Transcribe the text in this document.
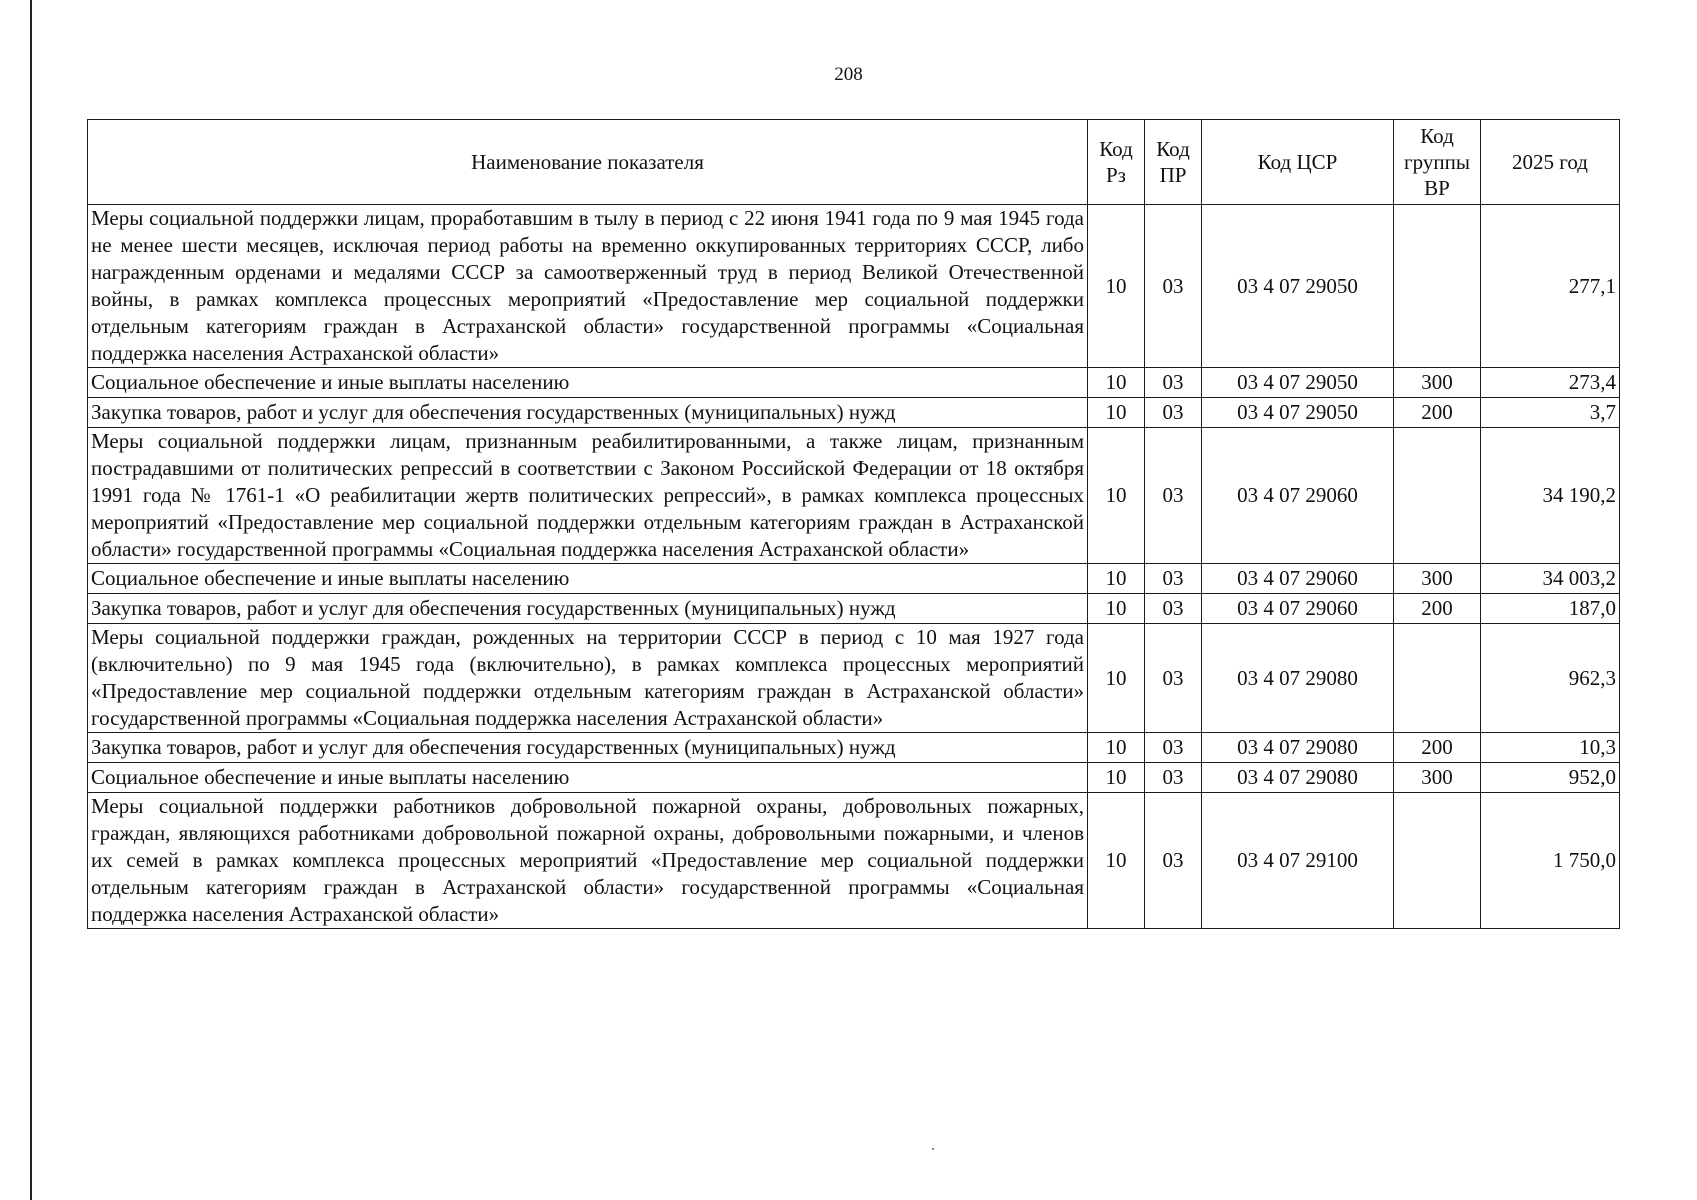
208
Наименование показателя	Код Рз	Код ПР	Код ЦСР	Код группы ВР	2025 год
Меры социальной поддержки лицам, проработавшим в тылу в период с 22 июня 1941 года по 9 мая 1945 года не менее шести месяцев, исключая период работы на временно оккупированных территориях СССР, либо награжденным орденами и медалями СССР за самоотверженный труд в период Великой Отечественной войны, в рамках комплекса процессных мероприятий «Предоставление мер социальной поддержки отдельным категориям граждан в Астраханской области» государственной программы «Социальная поддержка населения Астраханской области»	10	03	03 4 07 29050		277,1
Социальное обеспечение и иные выплаты населению	10	03	03 4 07 29050	300	273,4
Закупка товаров, работ и услуг для обеспечения государственных (муниципальных) нужд	10	03	03 4 07 29050	200	3,7
Меры социальной поддержки лицам, признанным реабилитированными, а также лицам, признанным пострадавшими от политических репрессий в соответствии с Законом Российской Федерации от 18 октября 1991 года № 1761-1 «О реабилитации жертв политических репрессий», в рамках комплекса процессных мероприятий «Предоставление мер социальной поддержки отдельным категориям граждан в Астраханской области» государственной программы «Социальная поддержка населения Астраханской области»	10	03	03 4 07 29060		34 190,2
Социальное обеспечение и иные выплаты населению	10	03	03 4 07 29060	300	34 003,2
Закупка товаров, работ и услуг для обеспечения государственных (муниципальных) нужд	10	03	03 4 07 29060	200	187,0
Меры социальной поддержки граждан, рожденных на территории СССР в период с 10 мая 1927 года (включительно) по 9 мая 1945 года (включительно), в рамках комплекса процессных мероприятий «Предоставление мер социальной поддержки отдельным категориям граждан в Астраханской области» государственной программы «Социальная поддержка населения Астраханской области»	10	03	03 4 07 29080		962,3
Закупка товаров, работ и услуг для обеспечения государственных (муниципальных) нужд	10	03	03 4 07 29080	200	10,3
Социальное обеспечение и иные выплаты населению	10	03	03 4 07 29080	300	952,0
Меры социальной поддержки работников добровольной пожарной охраны, добровольных пожарных, граждан, являющихся работниками добровольной пожарной охраны, добровольными пожарными, и членов их семей в рамках комплекса процессных мероприятий «Предоставление мер социальной поддержки отдельным категориям граждан в Астраханской области» государственной программы «Социальная поддержка населения Астраханской области»	10	03	03 4 07 29100		1 750,0
